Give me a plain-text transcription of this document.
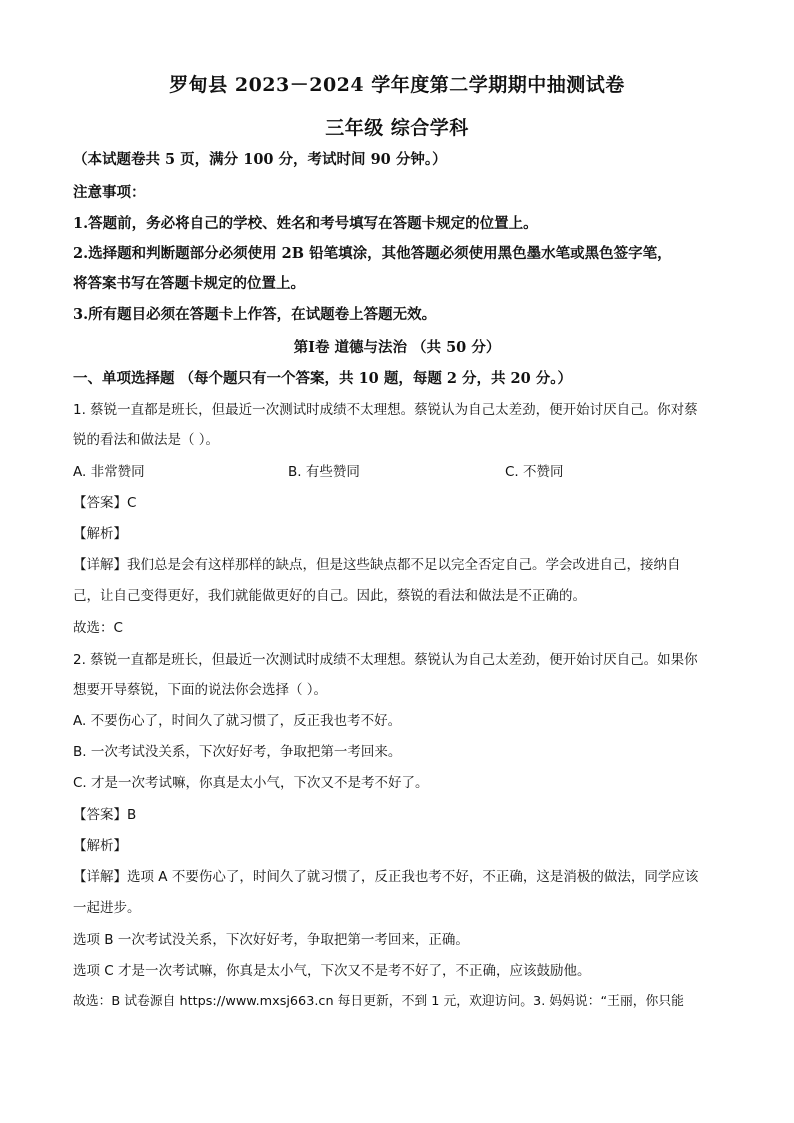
罗甸县 2023－2024 学年度第二学期期中抽测试卷
三年级 综合学科
（本试题卷共 5 页，满分 100 分，考试时间 90 分钟。）
注意事项：
1.答题前，务必将自己的学校、姓名和考号填写在答题卡规定的位置上。
2.选择题和判断题部分必须使用 2B 铅笔填涂，其他答题必须使用黑色墨水笔或黑色签字笔，
将答案书写在答题卡规定的位置上。
3.所有题目必须在答题卡上作答，在试题卷上答题无效。
第Ⅰ卷 道德与法治 （共 50 分）
一、单项选择题 （每个题只有一个答案，共 10 题，每题 2 分，共 20 分。）
1. 蔡锐一直都是班长，但最近一次测试时成绩不太理想。蔡锐认为自己太差劲，便开始讨厌自己。你对蔡
锐的看法和做法是（ ）。
A. 非常赞同	B. 有些赞同	C. 不赞同
【答案】C
【解析】
【详解】我们总是会有这样那样的缺点，但是这些缺点都不足以完全否定自己。学会改进自己，接纳自
己，让自己变得更好，我们就能做更好的自己。因此，蔡锐的看法和做法是不正确的。
故选：C
2. 蔡锐一直都是班长，但最近一次测试时成绩不太理想。蔡锐认为自己太差劲，便开始讨厌自己。如果你
想要开导蔡锐，下面的说法你会选择（ ）。
A. 不要伤心了，时间久了就习惯了，反正我也考不好。
B. 一次考试没关系，下次好好考，争取把第一考回来。
C. 才是一次考试嘛，你真是太小气，下次又不是考不好了。
【答案】B
【解析】
【详解】选项 A 不要伤心了，时间久了就习惯了，反正我也考不好，不正确，这是消极的做法，同学应该
一起进步。
选项 B 一次考试没关系，下次好好考，争取把第一考回来，正确。
选项 C 才是一次考试嘛，你真是太小气，下次又不是考不好了，不正确，应该鼓励他。
故选：B 试卷源自 https://www.mxsj663.cn 每日更新，不到 1 元，欢迎访问。3. 妈妈说：“王丽，你只能
